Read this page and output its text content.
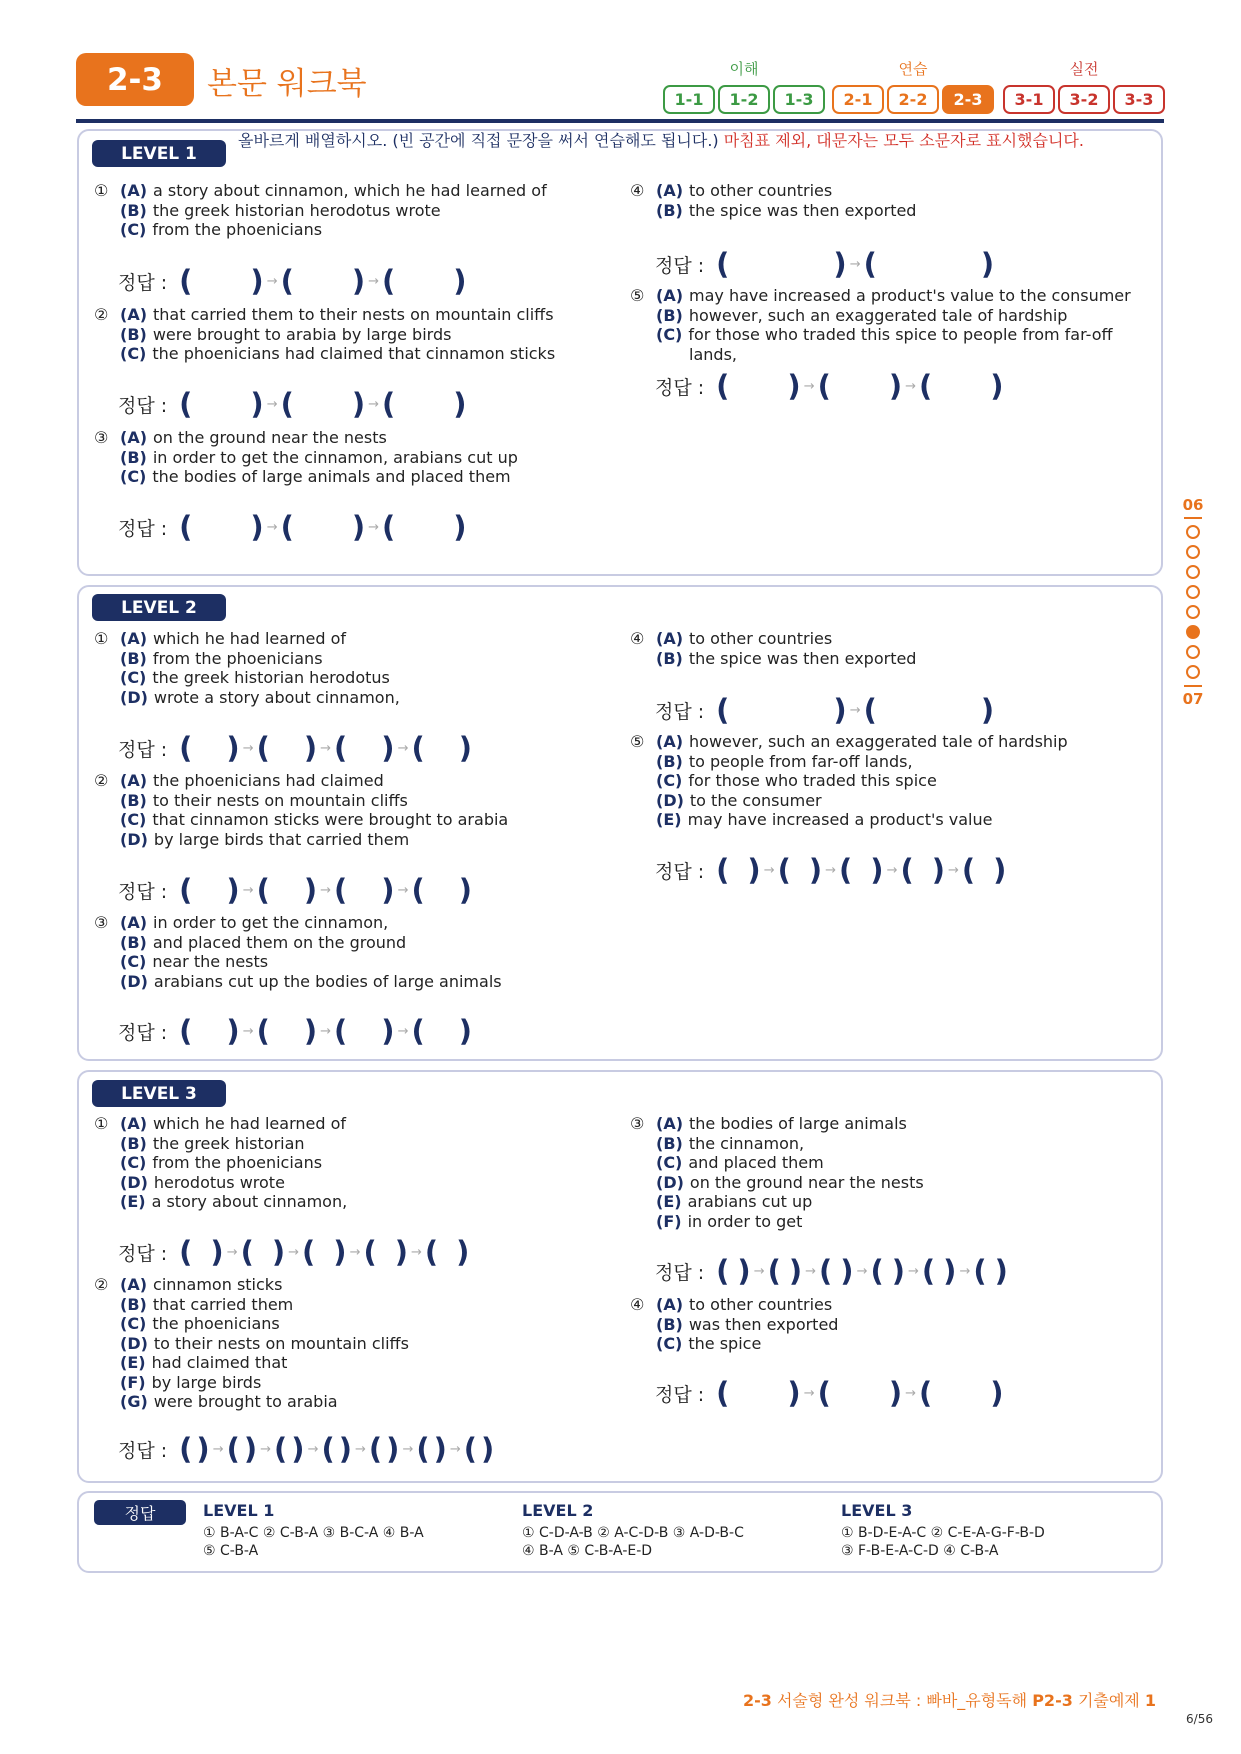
2-3	본문 워크북	이해
1-1	1-2	1-3
연습
2-1	2-2	2-3
실전
3-1	3-2	3-3
LEVEL 1
올바르게 배열하시오. (빈 공간에 직접 문장을 써서 연습해도 됩니다.) 마침표 제외, 대문자는 모두 소문자로 표시했습니다.
① (A) a story about cinnamon, which he had learned of
(B) the greek historian herodotus wrote
(C) from the phoenicians
② (A) that carried them to their nests on mountain cliffs
(B) were brought to arabia by large birds
(C) the phoenicians had claimed that cinnamon sticks
③ (A) on the ground near the nests
(B) in order to get the cinnamon, arabians cut up
(C) the bodies of large animals and placed them
④ (A) to other countries
(B) the spice was then exported
⑤ (A) may have increased a product's value to the consumer
(B) however, such an exaggerated tale of hardship
(C) for those who traded this spice to people from far-off
lands,
정답 : ( ) → ( ) → ( )
정답 : ( ) → ( ) → ( )
정답 : ( ) → ( ) → ( )
정답 : (	) → (	)
정답 : ( ) → ( ) → ( )
LEVEL 2
① (A) which he had learned of
(B) from the phoenicians
(C) the greek historian herodotus
(D) wrote a story about cinnamon,
② (A) the phoenicians had claimed
(B) to their nests on mountain cliffs
(C) that cinnamon sticks were brought to arabia
(D) by large birds that carried them
③ (A) in order to get the cinnamon,
(B) and placed them on the ground
(C) near the nests
(D) arabians cut up the bodies of large animals
④ (A) to other countries
(B) the spice was then exported
⑤ (A) however, such an exaggerated tale of hardship
(B) to people from far-off lands,
(C) for those who traded this spice
(D) to the consumer
(E) may have increased a product's value
정답 : ( ) → ( ) → ( ) → ( )
정답 : ( ) → ( ) → ( ) → ( )
정답 : ( ) → ( ) → ( ) → ( )
정답 : (	) → (	)
정답 : ( ) → ( ) → ( ) → ( ) → ( )
LEVEL 3
① (A) which he had learned of
(B) the greek historian
(C) from the phoenicians
(D) herodotus wrote
(E) a story about cinnamon,
② (A) cinnamon sticks
(B) that carried them
(C) the phoenicians
(D) to their nests on mountain cliffs
(E) had claimed that
(F) by large birds
(G) were brought to arabia
③ (A) the bodies of large animals
(B) the cinnamon,
(C) and placed them
(D) on the ground near the nests
(E) arabians cut up
(F) in order to get
④ (A) to other countries
(B) was then exported
(C) the spice
정답 : ( ) → ( ) → ( ) → ( ) → ( )
정답 : ( ) → ( ) → ( ) → ( ) → ( ) → ( ) → ( )
정답 : ( ) → ( ) → ( ) → ( ) → ( ) → ( )
정답 : ( ) → ( ) → ( )
정답	LEVEL 1
① B-A-C ② C-B-A ③ B-C-A ④ B-A
⑤ C-B-A
LEVEL 2
① C-D-A-B ② A-C-D-B ③ A-D-B-C
④ B-A ⑤ C-B-A-E-D
LEVEL 3
① B-D-E-A-C ② C-E-A-G-F-B-D
③ F-B-E-A-C-D ④ C-B-A
06
07
2-3 서술형 완성 워크북 : 빠바_유형독해 P2-3 기출예제 1
6/56
